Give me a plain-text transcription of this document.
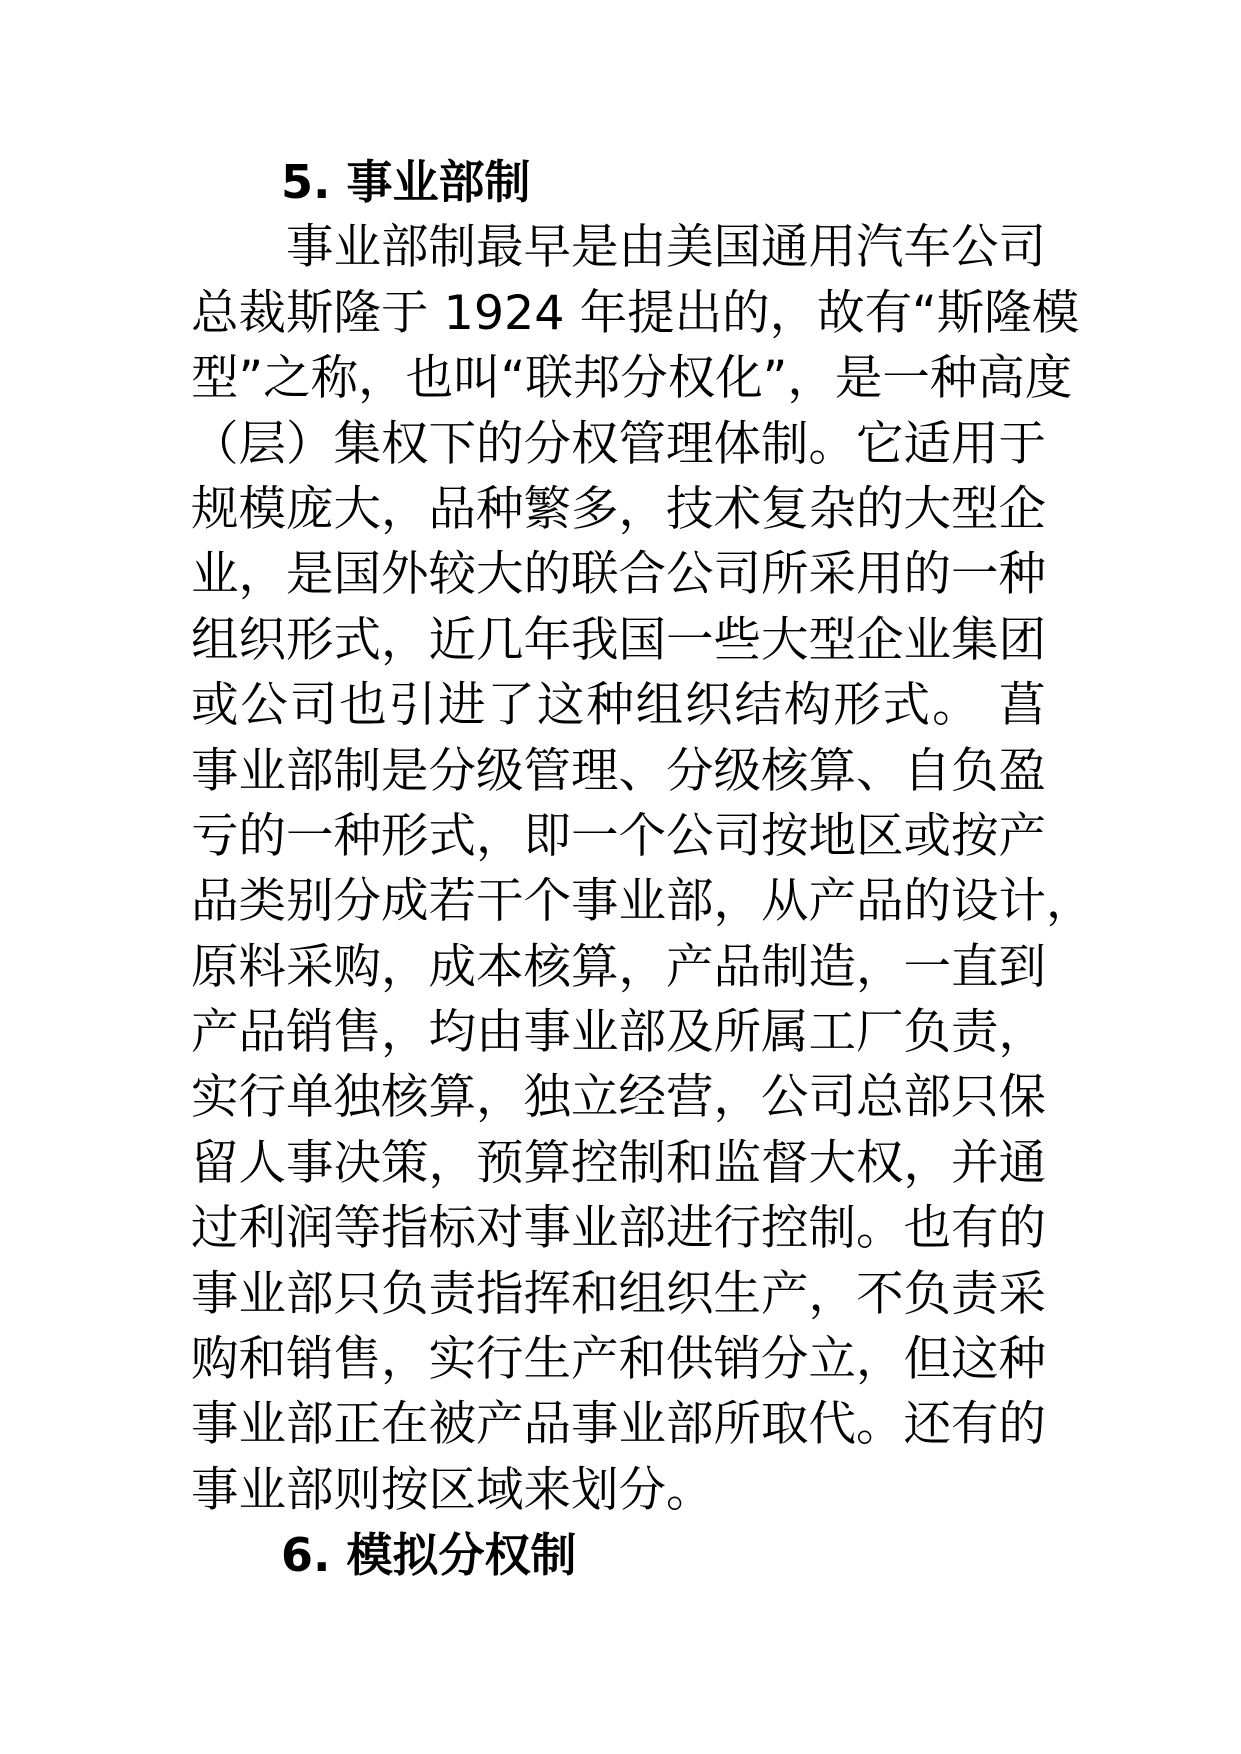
5. 事业部制
事业部制最早是由美国通用汽车公司
总裁斯隆于 1924 年提出的，故有“斯隆模
型”之称，也叫“联邦分权化”，是一种高度
（层）集权下的分权管理体制。它适用于
规模庞大，品种繁多，技术复杂的大型企
业，是国外较大的联合公司所采用的一种
组织形式，近几年我国一些大型企业集团
或公司也引进了这种组织结构形式。 菖
事业部制是分级管理、分级核算、自负盈
亏的一种形式，即一个公司按地区或按产
品类别分成若干个事业部，从产品的设计，
原料采购，成本核算，产品制造，一直到
产品销售，均由事业部及所属工厂负责，
实行单独核算，独立经营，公司总部只保
留人事决策，预算控制和监督大权，并通
过利润等指标对事业部进行控制。也有的
事业部只负责指挥和组织生产，不负责采
购和销售，实行生产和供销分立，但这种
事业部正在被产品事业部所取代。还有的
事业部则按区域来划分。
6. 模拟分权制
